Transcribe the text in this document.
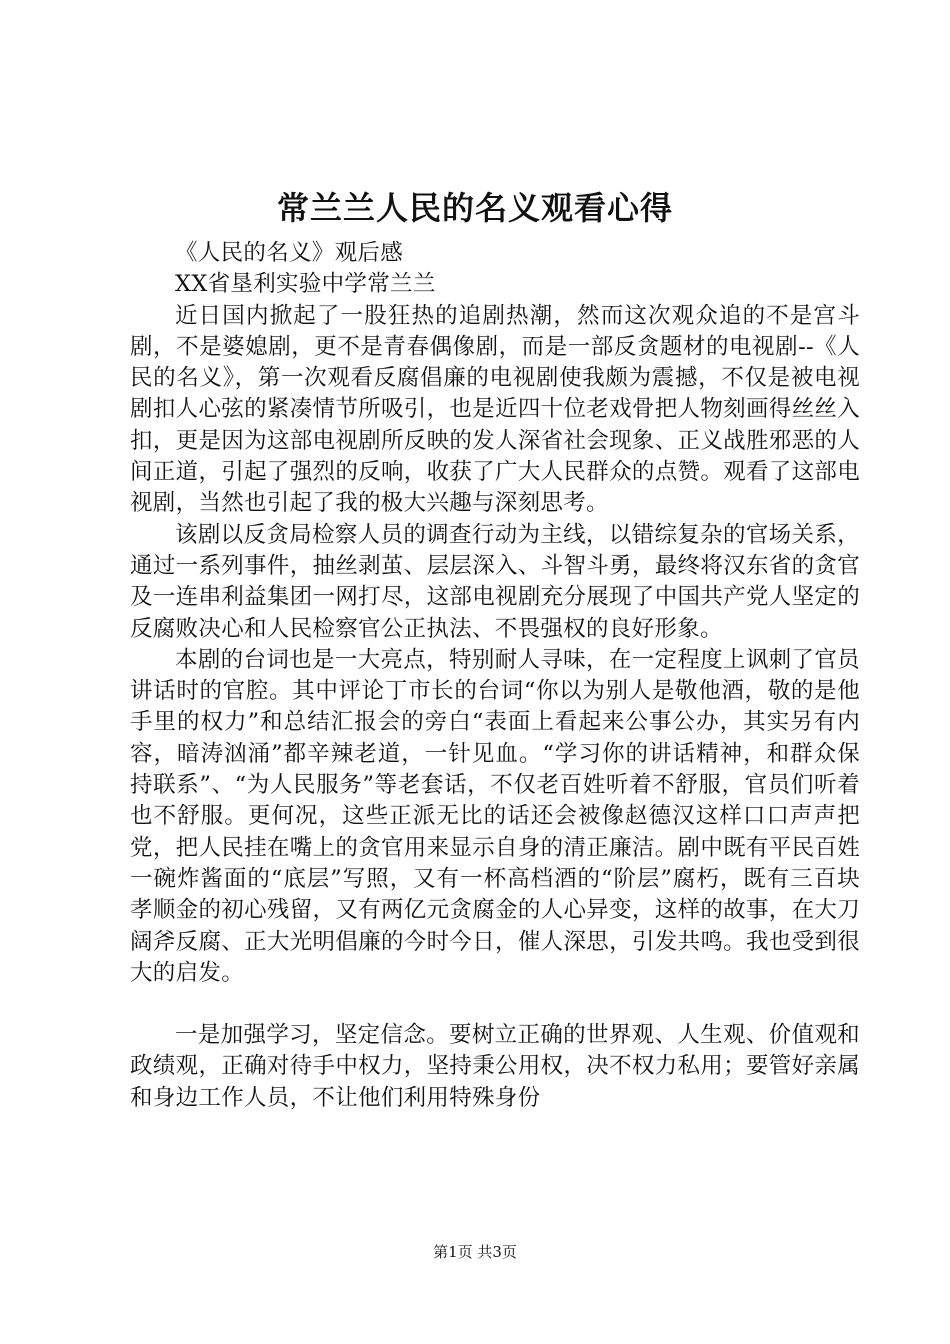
常兰兰人民的名义观看心得

《人民的名义》观后感

XX省垦利实验中学常兰兰

近日国内掀起了一股狂热的追剧热潮，然而这次观众追的不是宫斗剧，不是婆媳剧，更不是青春偶像剧，而是一部反贪题材的电视剧--《人民的名义》，第一次观看反腐倡廉的电视剧使我颇为震撼，不仅是被电视剧扣人心弦的紧凑情节所吸引，也是近四十位老戏骨把人物刻画得丝丝入扣，更是因为这部电视剧所反映的发人深省社会现象、正义战胜邪恶的人间正道，引起了强烈的反响，收获了广大人民群众的点赞。观看了这部电视剧，当然也引起了我的极大兴趣与深刻思考。

该剧以反贪局检察人员的调查行动为主线，以错综复杂的官场关系，通过一系列事件，抽丝剥茧、层层深入、斗智斗勇，最终将汉东省的贪官及一连串利益集团一网打尽，这部电视剧充分展现了中国共产党人坚定的反腐败决心和人民检察官公正执法、不畏强权的良好形象。

本剧的台词也是一大亮点，特别耐人寻味，在一定程度上讽刺了官员讲话时的官腔。其中评论丁市长的台词“你以为别人是敬他酒，敬的是他手里的权力”和总结汇报会的旁白“表面上看起来公事公办，其实另有内容，暗涛汹涌”都辛辣老道，一针见血。“学习你的讲话精神，和群众保持联系”、“为人民服务”等老套话，不仅老百姓听着不舒服，官员们听着也不舒服。更何况，这些正派无比的话还会被像赵德汉这样口口声声把党，把人民挂在嘴上的贪官用来显示自身的清正廉洁。剧中既有平民百姓一碗炸酱面的“底层”写照，又有一杯高档酒的“阶层”腐朽，既有三百块孝顺金的初心残留，又有两亿元贪腐金的人心异变，这样的故事，在大刀阔斧反腐、正大光明倡廉的今时今日，催人深思，引发共鸣。我也受到很大的启发。

一是加强学习，坚定信念。要树立正确的世界观、人生观、价值观和政绩观，正确对待手中权力，坚持秉公用权，决不权力私用；要管好亲属和身边工作人员，不让他们利用特殊身份

第1页 共3页
